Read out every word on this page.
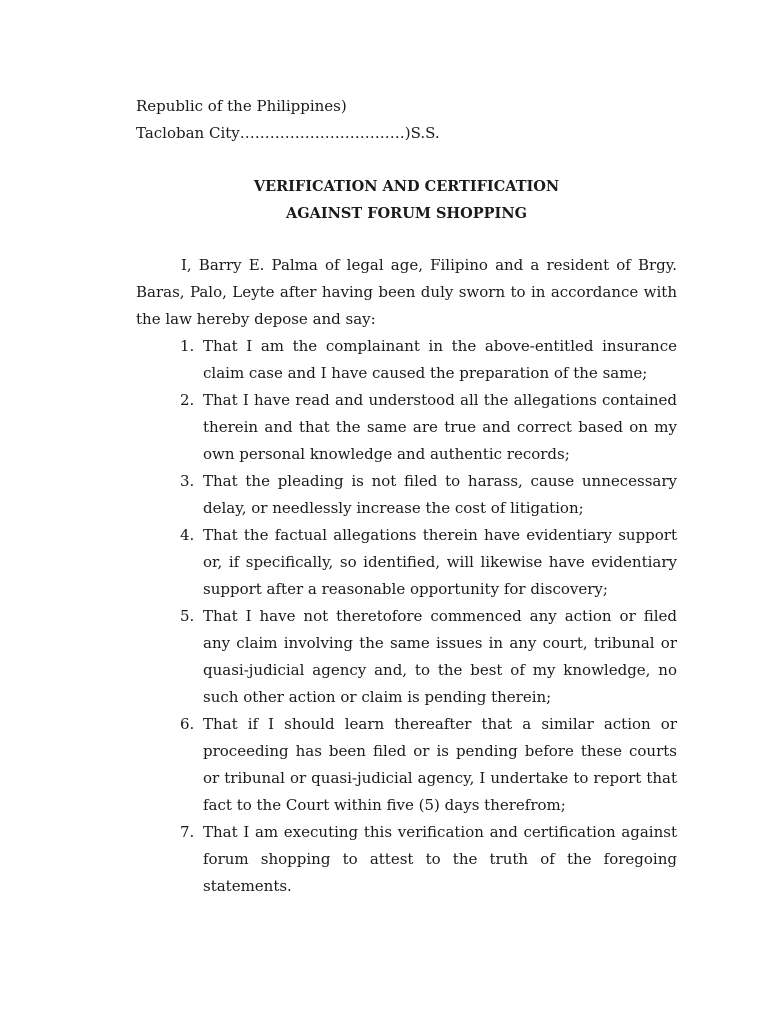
Republic of the Philippines)
Tacloban City……………………………)S.S.
VERIFICATION AND CERTIFICATION
AGAINST FORUM SHOPPING

I, Barry E. Palma of legal age, Filipino and a resident of Brgy. Baras, Palo, Leyte after having been duly sworn to in accordance with the law hereby depose and say:

1. That I am the complainant in the above-entitled insurance claim case and I have caused the preparation of the same;
2. That I have read and understood all the allegations contained therein and that the same are true and correct based on my own personal knowledge and authentic records;
3. That the pleading is not filed to harass, cause unnecessary delay, or needlessly increase the cost of litigation;
4. That the factual allegations therein have evidentiary support or, if specifically, so identified, will likewise have evidentiary support after a reasonable opportunity for discovery;
5. That I have not theretofore commenced any action or filed any claim involving the same issues in any court, tribunal or quasi-judicial agency and, to the best of my knowledge, no such other action or claim is pending therein;
6. That if I should learn thereafter that a similar action or proceeding has been filed or is pending before these courts or tribunal or quasi-judicial agency, I undertake to report that fact to the Court within five (5) days therefrom;
7. That I am executing this verification and certification against forum shopping to attest to the truth of the foregoing statements.
